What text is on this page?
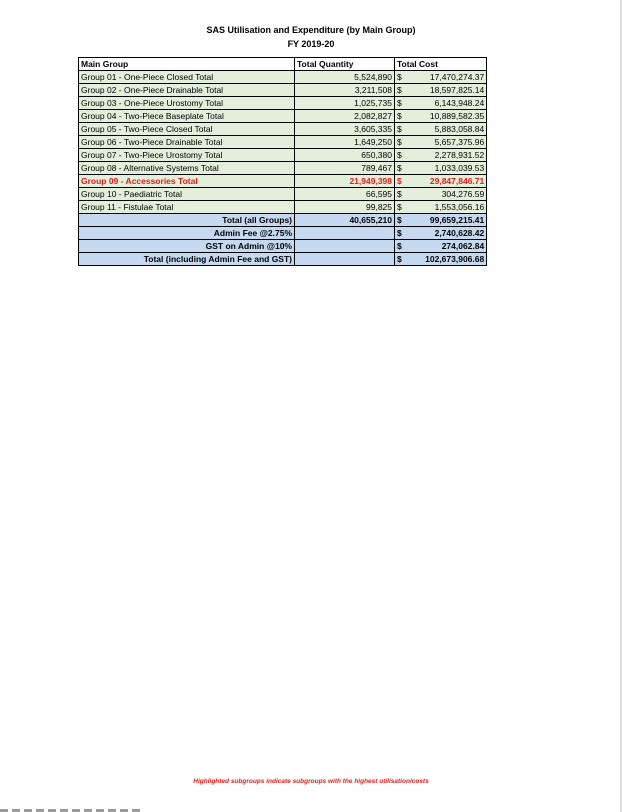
SAS Utilisation and Expenditure (by Main Group)
FY 2019-20
Main Group	Total Quantity	Total Cost	
Group 01 - One-Piece Closed Total	5,524,890	$	17,470,274.37
Group 02 - One-Piece Drainable Total	3,211,508	$	18,597,825.14
Group 03 - One-Piece Urostomy Total	1,025,735	$	6,143,948.24
Group 04 - Two-Piece Baseplate Total	2,082,827	$	10,889,582.35
Group 05 - Two-Piece Closed Total	3,605,335	$	5,883,058.84
Group 06 - Two-Piece Drainable Total	1,649,250	$	5,657,375.96
Group 07 - Two-Piece Urostomy Total	650,380	$	2,278,931.52
Group 08 - Alternative Systems Total	789,467	$	1,033,039.53
Group 09 - Accessories Total	21,949,398	$	29,847,846.71
Group 10 - Paediatric Total	66,595	$	304,276.59
Group 11 - Fistulae Total	99,825	$	1,553,056.16
Total (all Groups)	40,655,210	$	99,659,215.41
Admin Fee @2.75%		$	2,740,628.42
GST on Admin @10%		$	274,062.84
Total (including Admin Fee and GST)		$	102,673,906.68
Highlighted subgroups indicate subgroups with the highest utilisation/costs
